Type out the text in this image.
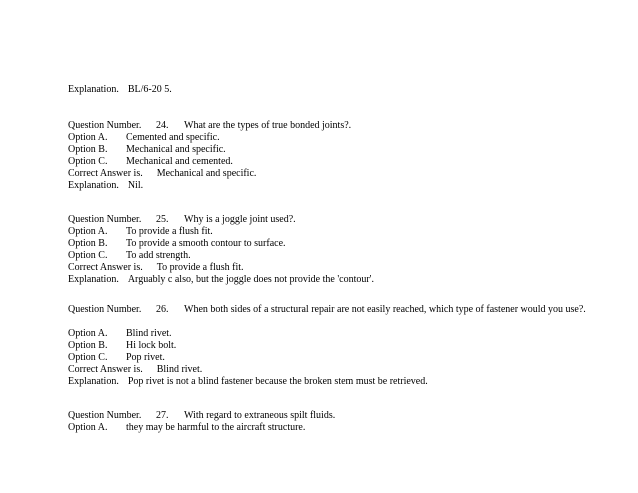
Explanation. BL/6-20 5.

Question Number. 24. What are the types of true bonded joints?.

Option A. Cemented and specific.

Option B. Mechanical and specific.

Option C. Mechanical and cemented.

Correct Answer is. Mechanical and specific.

Explanation. Nil.

Question Number. 25. Why is a joggle joint used?.

Option A. To provide a flush fit.

Option B. To provide a smooth contour to surface.

Option C. To add strength.

Correct Answer is. To provide a flush fit.

Explanation. Arguably c also, but the joggle does not provide the 'contour'.

Question Number. 26. When both sides of a structural repair are not easily reached, which type of fastener would you use?.

Option A. Blind rivet.

Option B. Hi lock bolt.

Option C. Pop rivet.

Correct Answer is. Blind rivet.

Explanation. Pop rivet is not a blind fastener because the broken stem must be retrieved.

Question Number. 27. With regard to extraneous spilt fluids.

Option A. they may be harmful to the aircraft structure.
